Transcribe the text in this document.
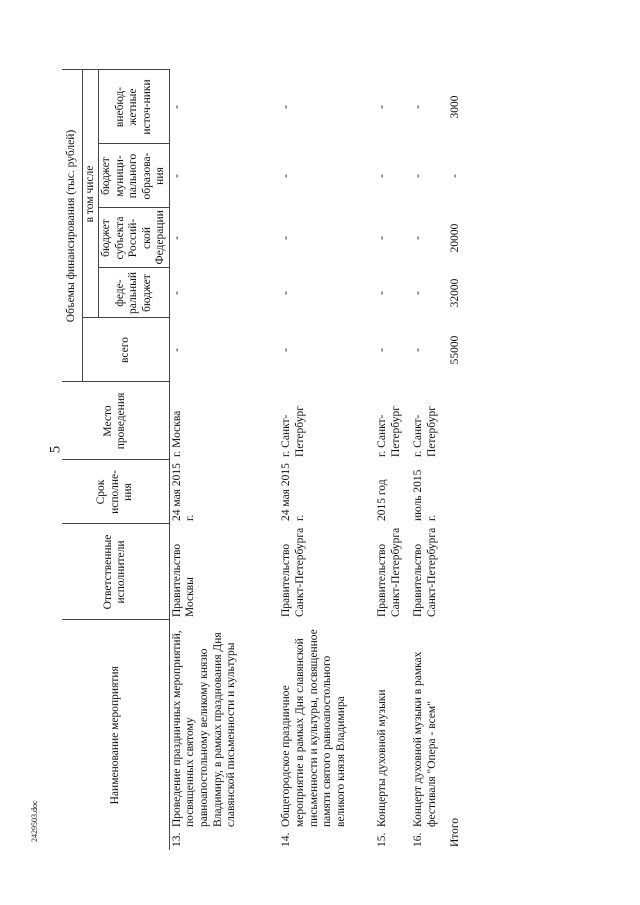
5
2429503.doc
Наименование мероприятия	Ответственные исполнители	Срок исполне-ния	Место проведения	Объемы финансирования (тыс. рублей)				
				всего	в том числе			
					феде-ральный бюджет	бюджет субъекта Россий-ской Федерации	бюджет муници-пального образова-ния	внебюд-жетные источ-ники
13.Проведение праздничных мероприятий, посвященных святому равноапостольному великому князю Владимиру, в рамках празднования Дня славянской письменности и культуры	Правительство Москвы	24 мая 2015 г.	г. Москва	-	-	-	-	-
14.Общегородское праздничное мероприятие в рамках Дня славянской письменности и культуры, посвященное памяти святого равноапостольного великого князя Владимира	Правительство Санкт-Петербурга	24 мая 2015 г.	г. Санкт-Петербург	-	-	-	-	-
15.Концерты духовной музыки	Правительство Санкт-Петербурга	2015 год	г. Санкт-Петербург	-	-	-	-	-
16.Концерт духовной музыки в рамках фестиваля "Опера - всем"	Правительство Санкт-Петербурга	июль 2015 г.	г. Санкт-Петербург	-	-	-	-	-
Итого				55000	32000	20000	-	3000
